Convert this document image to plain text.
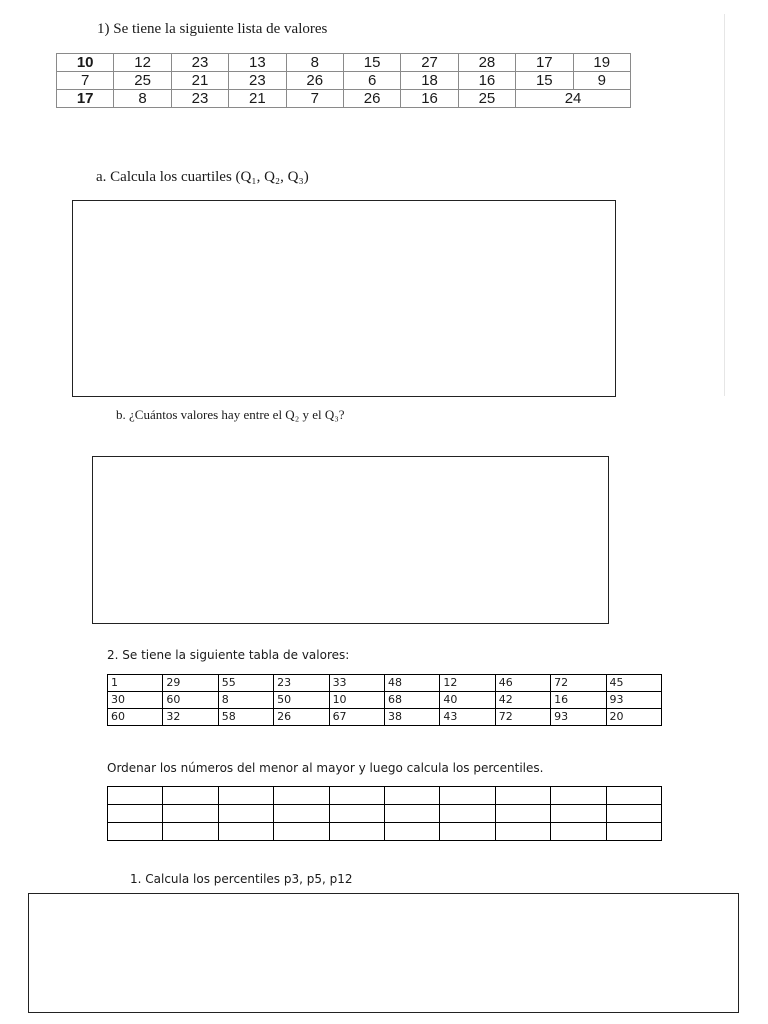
1) Se tiene la siguiente lista de valores
10	12	23	13	8	15	27	28	17	19
7	25	21	23	26	6	18	16	15	9
17	8	23	21	7	26	16	25	24	
a. Calcula los cuartiles (Q₁, Q₂, Q₃)
b. ¿Cuántos valores hay entre el Q₂ y el Q₃?
2. Se tiene la siguiente tabla de valores:
1	29	55	23	33	48	12	46	72	45
30	60	8	50	10	68	40	42	16	93
60	32	58	26	67	38	43	72	93	20
Ordenar los números del menor al mayor y luego calcula los percentiles.

1. Calcula los percentiles p3, p5, p12
